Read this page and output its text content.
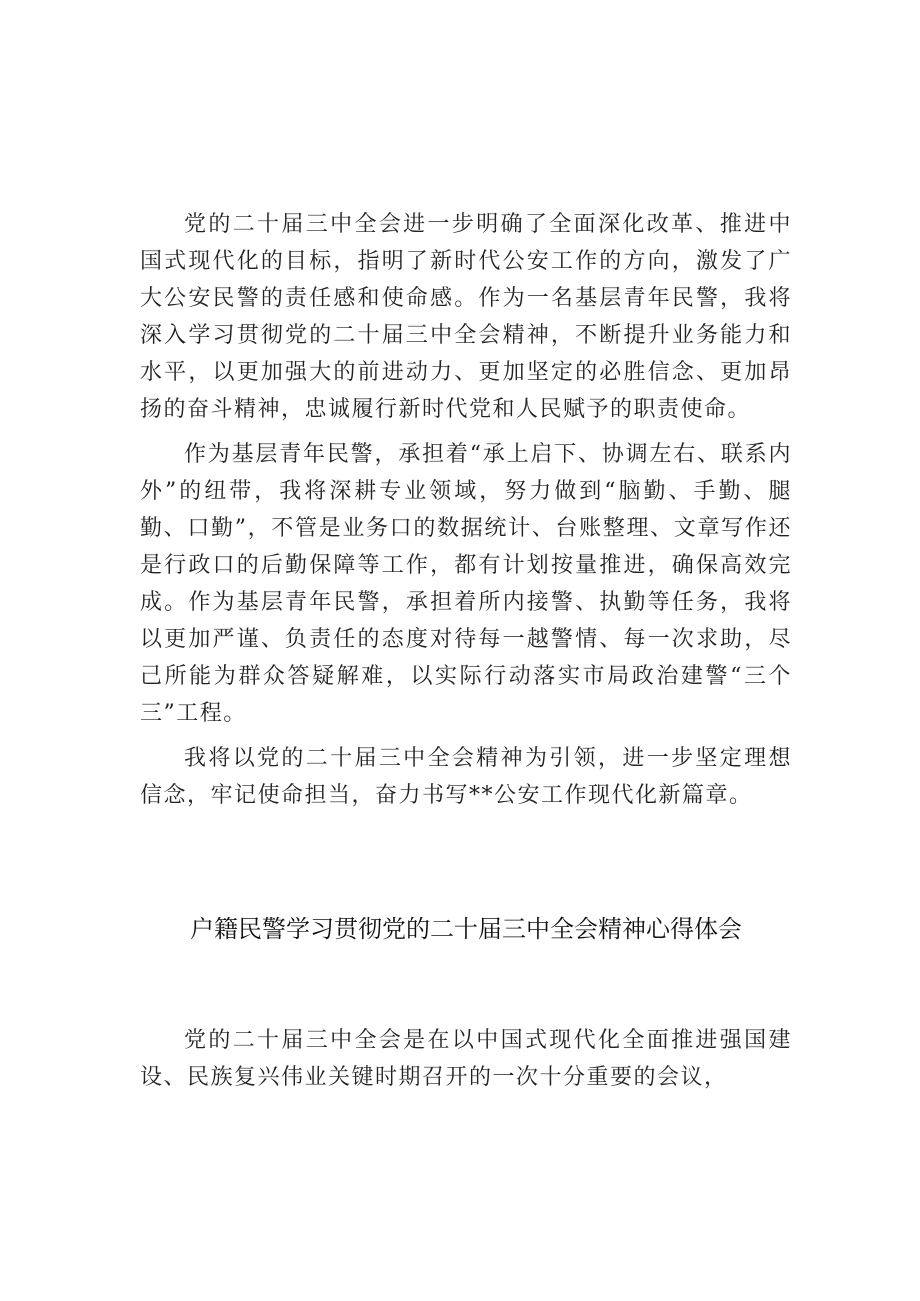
党的二十届三中全会进一步明确了全面深化改革、推进中国式现代化的目标，指明了新时代公安工作的方向，激发了广大公安民警的责任感和使命感。作为一名基层青年民警，我将深入学习贯彻党的二十届三中全会精神，不断提升业务能力和水平，以更加强大的前进动力、更加坚定的必胜信念、更加昂扬的奋斗精神，忠诚履行新时代党和人民赋予的职责使命。

作为基层青年民警，承担着“承上启下、协调左右、联系内外”的纽带，我将深耕专业领域，努力做到“脑勤、手勤、腿勤、口勤”，不管是业务口的数据统计、台账整理、文章写作还是行政口的后勤保障等工作，都有计划按量推进，确保高效完成。作为基层青年民警，承担着所内接警、执勤等任务，我将以更加严谨、负责任的态度对待每一越警情、每一次求助，尽己所能为群众答疑解难，以实际行动落实市局政治建警“三个三”工程。

我将以党的二十届三中全会精神为引领，进一步坚定理想信念，牢记使命担当，奋力书写**公安工作现代化新篇章。

户籍民警学习贯彻党的二十届三中全会精神心得体会

党的二十届三中全会是在以中国式现代化全面推进强国建设、民族复兴伟业关键时期召开的一次十分重要的会议，
